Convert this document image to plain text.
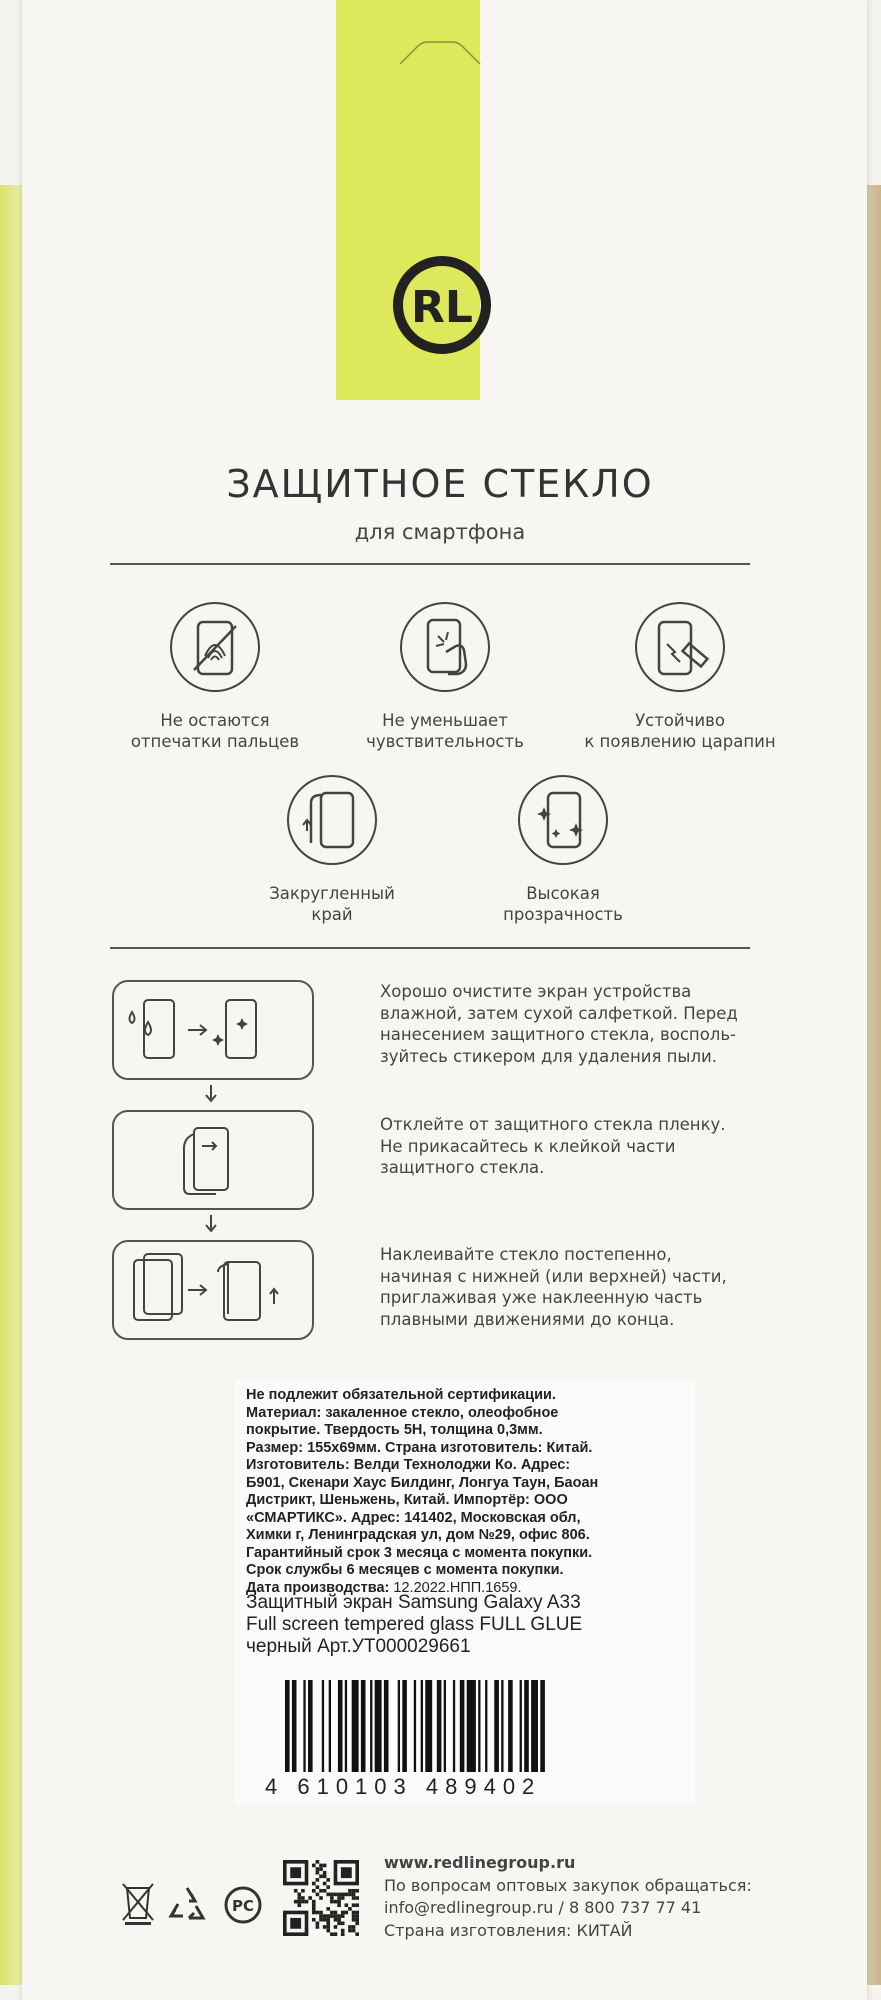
RL
ЗАЩИТНОЕ СТЕКЛО
для смартфона
Не остаются
отпечатки пальцев
Не уменьшает
чувствительность
Устойчиво
к появлению царапин
Закругленный
край
Высокая
прозрачность
Хорошо очистите экран устройства
влажной, затем сухой салфеткой. Перед
нанесением защитного стекла, восполь-
зуйтесь стикером для удаления пыли.
Отклейте от защитного стекла пленку.
Не прикасайтесь к клейкой части
защитного стекла.
Наклеивайте стекло постепенно,
начиная с нижней (или верхней) части,
приглаживая уже наклеенную часть
плавными движениями до конца.
Не подлежит обязательной сертификации.
Материал: закаленное стекло, олеофобное
покрытие. Твердость 5H, толщина 0,3мм.
Размер: 155х69мм. Страна изготовитель: Китай.
Изготовитель: Велди Технолоджи Ко. Адрес:
Б901, Скенари Хаус Билдинг, Лонгуа Таун, Баоан
Дистрикт, Шеньжень, Китай. Импортёр: ООО
«СМАРТИКС». Адрес: 141402, Московская обл,
Химки г, Ленинградская ул, дом №29, офис 806.
Гарантийный срок 3 месяца с момента покупки.
Срок службы 6 месяцев с момента покупки.
Дата производства: 12.2022.НПП.1659.
Защитный экран Samsung Galaxy A33
Full screen tempered glass FULL GLUE
черный Арт.УТ000029661
4 610103 489402
PC
www.redlinegroup.ru
По вопросам оптовых закупок обращаться:
info@redlinegroup.ru / 8 800 737 77 41
Страна изготовления: КИТАЙ
